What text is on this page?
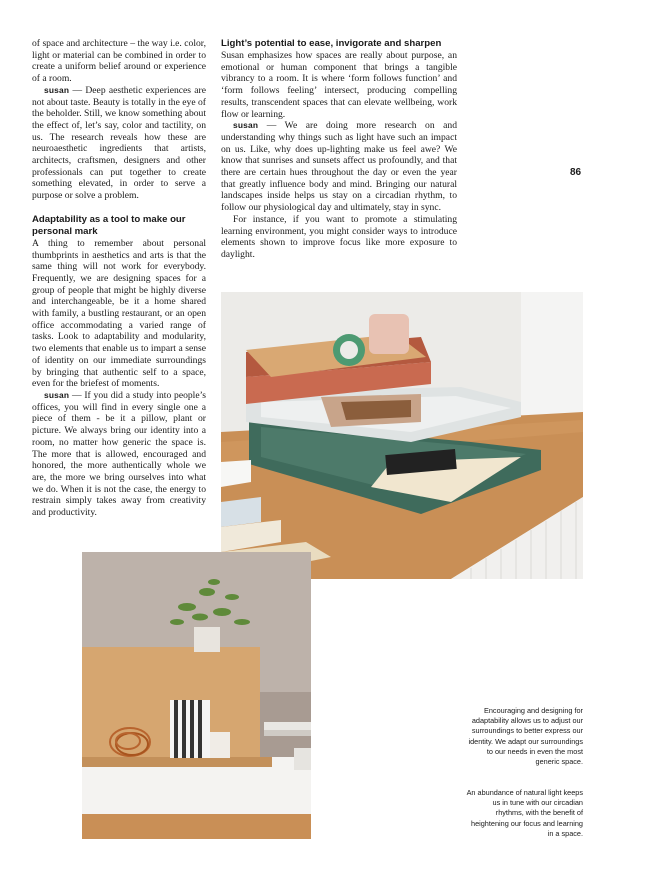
of space and architecture – the way i.e. color, light or material can be combined in order to create a uniform belief around or experience of a room.

susan — Deep aesthetic experiences are not about taste. Beauty is totally in the eye of the beholder. Still, we know something about the effect of, let’s say, color and tactility, on us. The research reveals how these are neuroaesthetic ingredients that artists, architects, craftsmen, designers and other professionals can put together to create something elevated, in order to serve a purpose or solve a problem.

Adaptability as a tool to make our personal mark

A thing to remember about personal thumbprints in aesthetics and arts is that the same thing will not work for everybody. Frequently, we are designing spaces for a group of people that might be highly diverse and interchangeable, be it a home shared with family, a bustling restaurant, or an open office accommodating a varied range of tasks. Look to adaptability and modularity, two elements that enable us to impart a sense of identity on our immediate surroundings by bringing that authentic self to a space, even for the briefest of moments.

susan — If you did a study into people’s offices, you will find in every single one a piece of them - be it a pillow, plant or picture. We always bring our identity into a room, no matter how generic the space is. The more that is allowed, encouraged and honored, the more authentically whole we are, the more we bring ourselves into what we do. When it is not the case, the energy to restrain simply takes away from creativity and productivity.

Light’s potential to ease, invigorate and sharpen

Susan emphasizes how spaces are really about purpose, an emotional or human component that brings a tangible vibrancy to a room. It is where ‘form follows function’ and ‘form follows feeling’ intersect, producing compelling results, transcendent spaces that can elevate wellbeing, work flow or learning.

susan — We are doing more research on and understanding why things such as light have such an impact on us. Like, why does up-lighting make us feel awe? We know that sunrises and sunsets affect us profoundly, and that there are certain hues throughout the day or even the year that greatly influence body and mind. Bringing our natural landscapes inside helps us stay on a circadian rhythm, to follow our physiological day and ultimately, stay in sync.

For instance, if you want to promote a stimulating learning environment, you might consider ways to introduce elements shown to improve focus like more exposure to daylight.

86
Encouraging and designing for adaptability allows us to adjust our surroundings to better express our identity. We adapt our surroundings to our needs in even the most generic space.
An abundance of natural light keeps us in tune with our circadian rhythms, with the benefit of heightening our focus and learning in a space.
